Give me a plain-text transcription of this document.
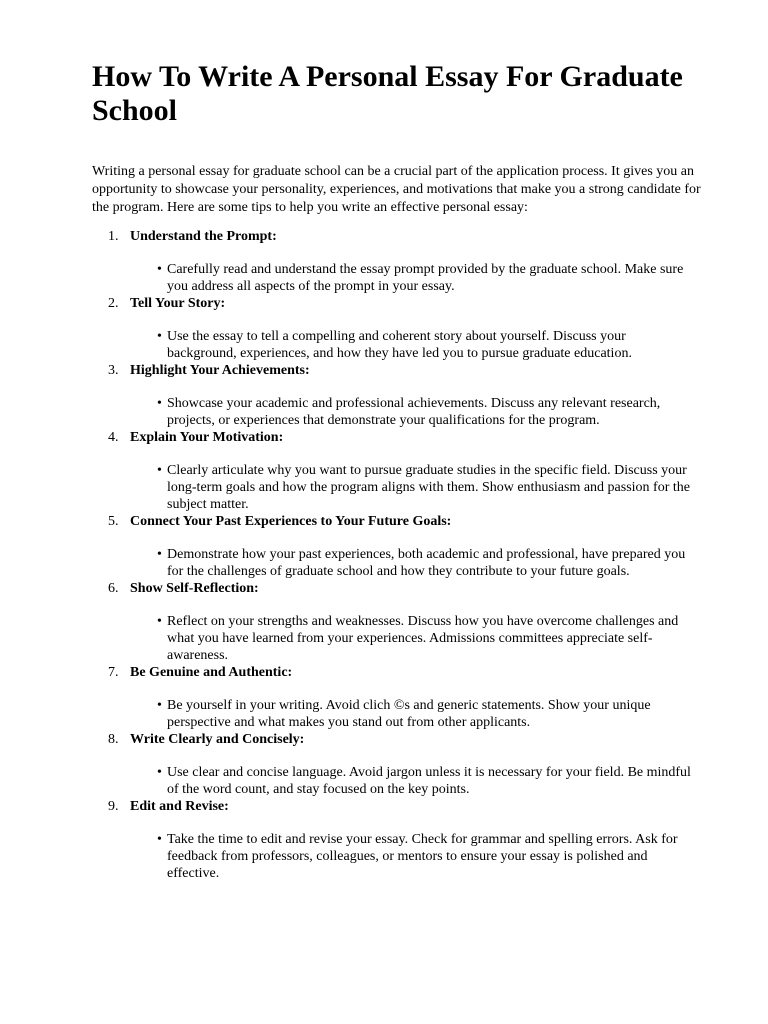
How To Write A Personal Essay For Graduate School

Writing a personal essay for graduate school can be a crucial part of the application process. It gives you an opportunity to showcase your personality, experiences, and motivations that make you a strong candidate for the program. Here are some tips to help you write an effective personal essay:

1. Understand the Prompt:
• Carefully read and understand the essay prompt provided by the graduate school. Make sure you address all aspects of the prompt in your essay.
2. Tell Your Story:
• Use the essay to tell a compelling and coherent story about yourself. Discuss your background, experiences, and how they have led you to pursue graduate education.
3. Highlight Your Achievements:
• Showcase your academic and professional achievements. Discuss any relevant research, projects, or experiences that demonstrate your qualifications for the program.
4. Explain Your Motivation:
• Clearly articulate why you want to pursue graduate studies in the specific field. Discuss your long-term goals and how the program aligns with them. Show enthusiasm and passion for the subject matter.
5. Connect Your Past Experiences to Your Future Goals:
• Demonstrate how your past experiences, both academic and professional, have prepared you for the challenges of graduate school and how they contribute to your future goals.
6. Show Self-Reflection:
• Reflect on your strengths and weaknesses. Discuss how you have overcome challenges and what you have learned from your experiences. Admissions committees appreciate self-awareness.
7. Be Genuine and Authentic:
• Be yourself in your writing. Avoid clich ©s and generic statements. Show your unique perspective and what makes you stand out from other applicants.
8. Write Clearly and Concisely:
• Use clear and concise language. Avoid jargon unless it is necessary for your field. Be mindful of the word count, and stay focused on the key points.
9. Edit and Revise:
• Take the time to edit and revise your essay. Check for grammar and spelling errors. Ask for feedback from professors, colleagues, or mentors to ensure your essay is polished and effective.
